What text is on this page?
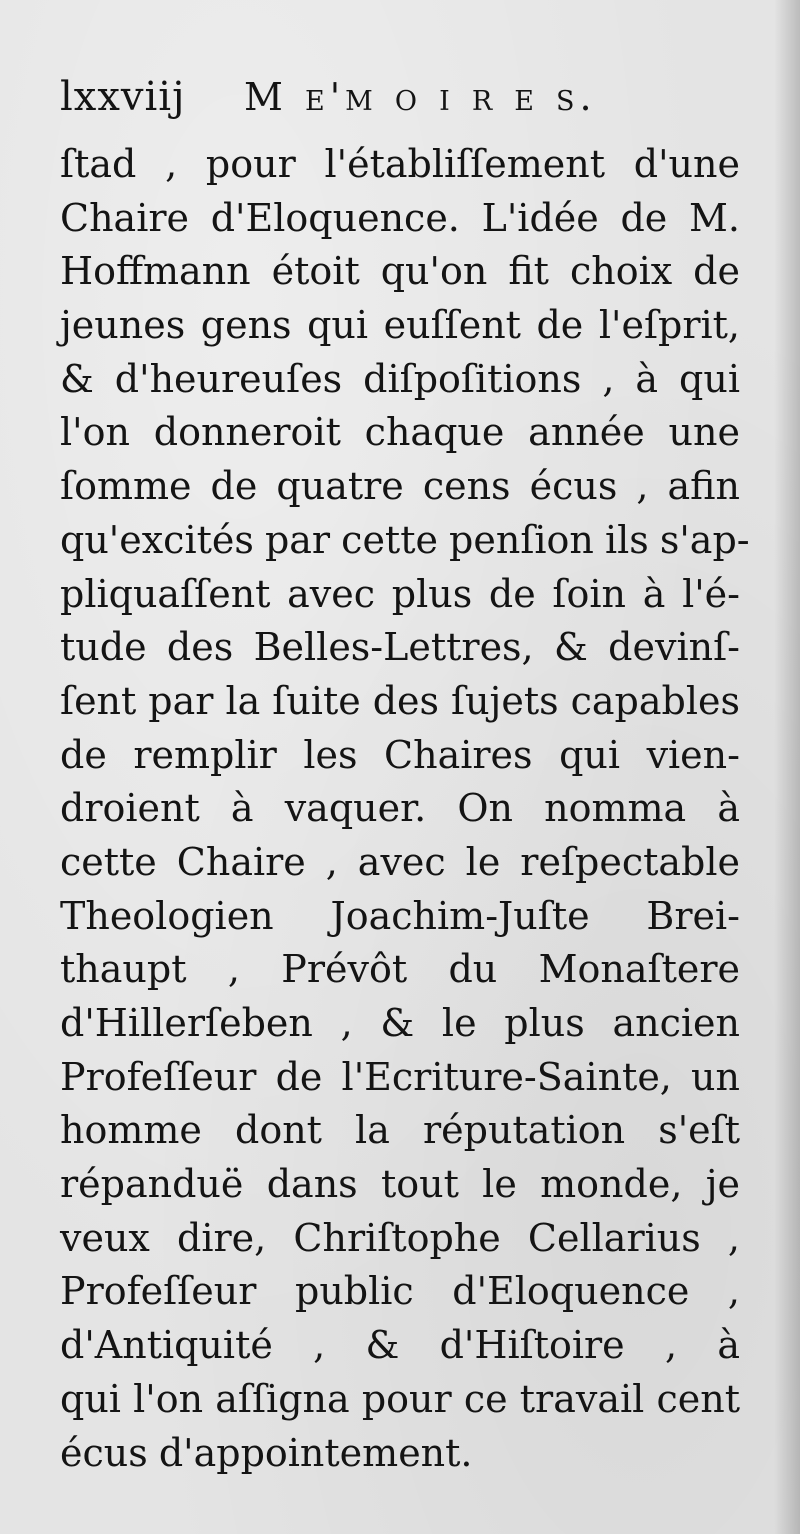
lxxviij M e'm o i r e s.
ſtad , pour l'établiſſement d'une
Chaire d'Eloquence. L'idée de M.
Hoffmann étoit qu'on fit choix de
jeunes gens qui euſſent de l'eſprit,
& d'heureuſes diſpoſitions , à qui
l'on donneroit chaque année une
ſomme de quatre cens écus , afin
qu'excités par cette penſion ils s'ap-
pliquaſſent avec plus de ſoin à l'é-
tude des Belles-Lettres, & devinſ-
ſent par la ſuite des ſujets capables
de remplir les Chaires qui vien-
droient à vaquer. On nomma à
cette Chaire , avec le reſpectable
Theologien Joachim-Juſte Brei-
thaupt , Prévôt du Monaſtere
d'Hillerſeben , & le plus ancien
Profeſſeur de l'Ecriture-Sainte, un
homme dont la réputation s'eſt
répanduë dans tout le monde, je
veux dire, Chriſtophe Cellarius ,
Profeſſeur public d'Eloquence ,
d'Antiquité , & d'Hiſtoire , à
qui l'on aſſigna pour ce travail cent
écus d'appointement.
